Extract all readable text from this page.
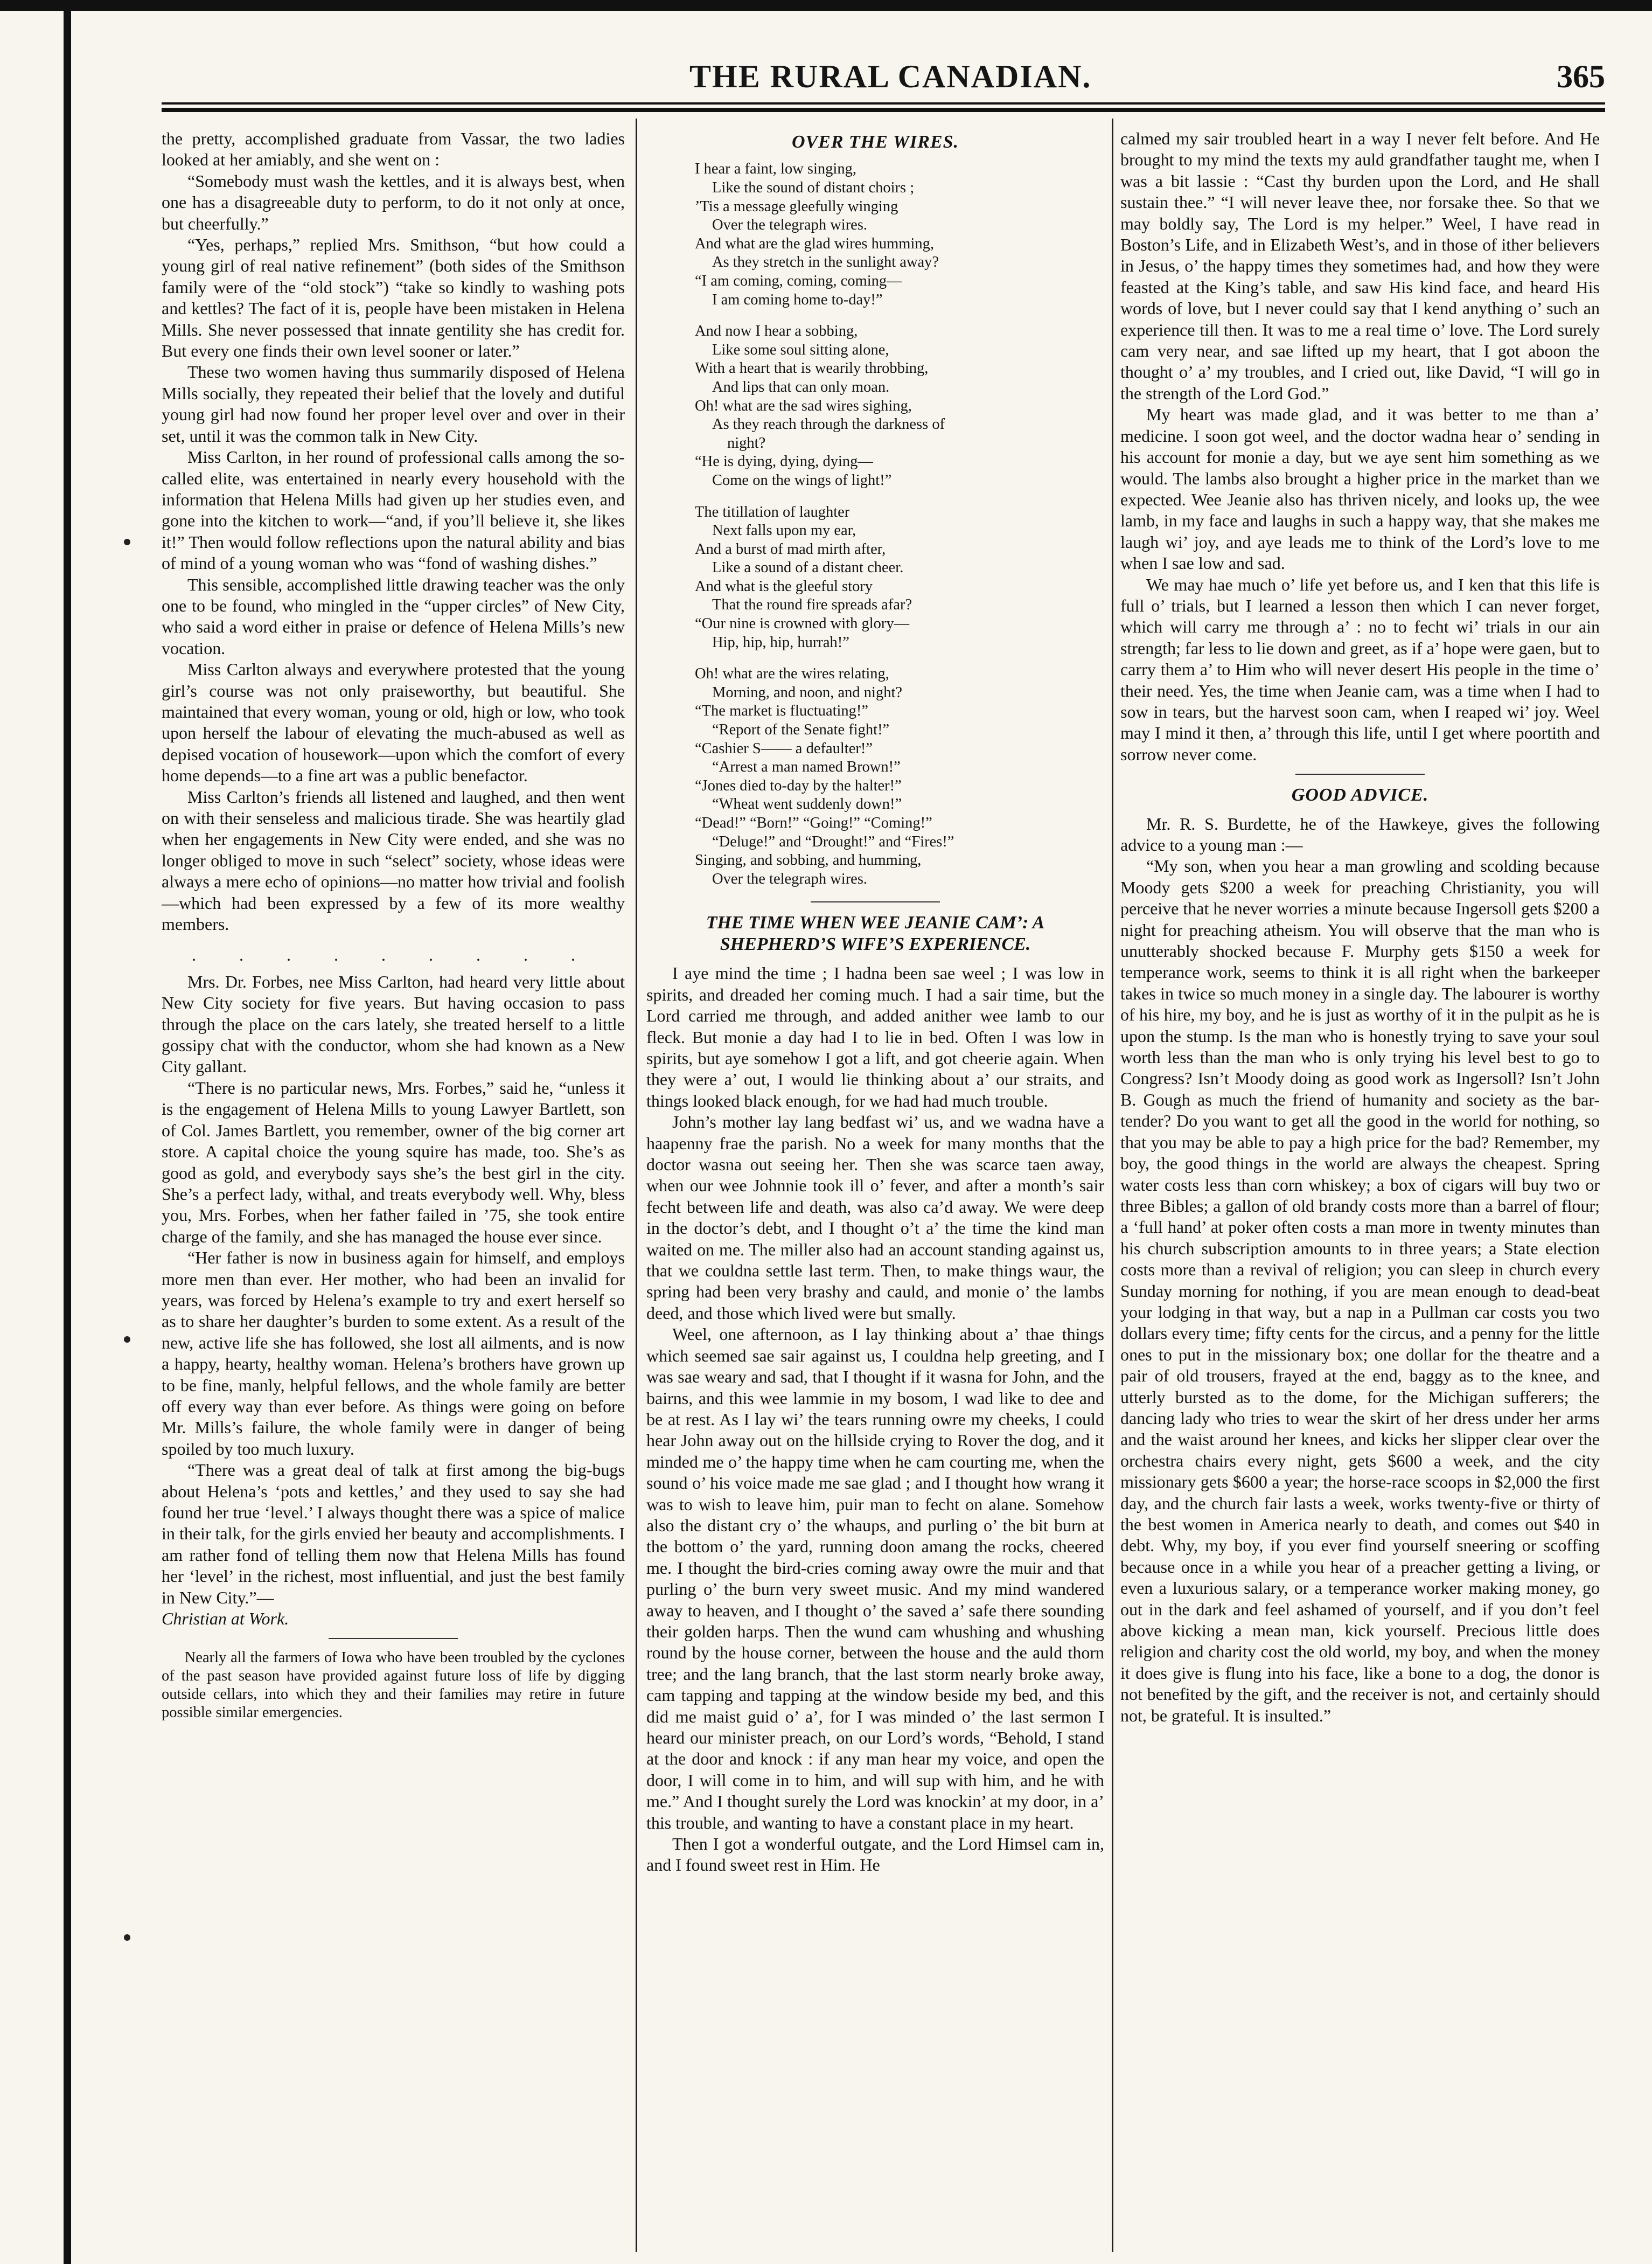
THE RURAL CANADIAN.	365

the pretty, accomplished graduate from Vassar, the two ladies looked at her amiably, and she went on :

“Somebody must wash the kettles, and it is always best, when one has a disagreeable duty to perform, to do it not only at once, but cheerfully.”

“Yes, perhaps,” replied Mrs. Smithson, “but how could a young girl of real native refinement” (both sides of the Smithson family were of the “old stock”) “take so kindly to washing pots and kettles? The fact of it is, people have been mistaken in Helena Mills. She never possessed that innate gentility she has credit for. But every one finds their own level sooner or later.”

These two women having thus summarily disposed of Helena Mills socially, they repeated their belief that the lovely and dutiful young girl had now found her proper level over and over in their set, until it was the common talk in New City.

Miss Carlton, in her round of professional calls among the so-called elite, was entertained in nearly every household with the information that Helena Mills had given up her studies even, and gone into the kitchen to work—“and, if you’ll believe it, she likes it!” Then would follow reflections upon the natural ability and bias of mind of a young woman who was “fond of washing dishes.”

This sensible, accomplished little drawing teacher was the only one to be found, who mingled in the “upper circles” of New City, who said a word either in praise or defence of Helena Mills’s new vocation.

Miss Carlton always and everywhere protested that the young girl’s course was not only praiseworthy, but beautiful. She maintained that every woman, young or old, high or low, who took upon herself the labour of elevating the much-abused as well as depised vocation of housework—upon which the comfort of every home depends—to a fine art was a public benefactor.

Miss Carlton’s friends all listened and laughed, and then went on with their senseless and malicious tirade. She was heartily glad when her engagements in New City were ended, and she was no longer obliged to move in such “select” society, whose ideas were always a mere echo of opinions—no matter how trivial and foolish—which had been expressed by a few of its more wealthy members.

. . . . . . . . .

Mrs. Dr. Forbes, nee Miss Carlton, had heard very little about New City society for five years. But having occasion to pass through the place on the cars lately, she treated herself to a little gossipy chat with the conductor, whom she had known as a New City gallant.

“There is no particular news, Mrs. Forbes,” said he, “unless it is the engagement of Helena Mills to young Lawyer Bartlett, son of Col. James Bartlett, you remember, owner of the big corner art store. A capital choice the young squire has made, too. She’s as good as gold, and everybody says she’s the best girl in the city. She’s a perfect lady, withal, and treats everybody well. Why, bless you, Mrs. Forbes, when her father failed in ’75, she took entire charge of the family, and she has managed the house ever since.

“Her father is now in business again for himself, and employs more men than ever. Her mother, who had been an invalid for years, was forced by Helena’s example to try and exert herself so as to share her daughter’s burden to some extent. As a result of the new, active life she has followed, she lost all ailments, and is now a happy, hearty, healthy woman. Helena’s brothers have grown up to be fine, manly, helpful fellows, and the whole family are better off every way than ever before. As things were going on before Mr. Mills’s failure, the whole family were in danger of being spoiled by too much luxury.

“There was a great deal of talk at first among the big-bugs about Helena’s ‘pots and kettles,’ and they used to say she had found her true ‘level.’ I always thought there was a spice of malice in their talk, for the girls envied her beauty and accomplishments. I am rather fond of telling them now that Helena Mills has found her ‘level’ in the richest, most influential, and just the best family in New City.”—

Christian at Work.

Nearly all the farmers of Iowa who have been troubled by the cyclones of the past season have provided against future loss of life by digging outside cellars, into which they and their families may retire in future possible similar emergencies.

OVER THE WIRES.
I hear a faint, low singing,
Like the sound of distant choirs ;
’Tis a message gleefully winging
Over the telegraph wires.
And what are the glad wires humming,
As they stretch in the sunlight away?
“I am coming, coming, coming—
I am coming home to-day!”
And now I hear a sobbing,
Like some soul sitting alone,
With a heart that is wearily throbbing,
And lips that can only moan.
Oh! what are the sad wires sighing,
As they reach through the darkness of
night?
“He is dying, dying, dying—
Come on the wings of light!”
The titillation of laughter
Next falls upon my ear,
And a burst of mad mirth after,
Like a sound of a distant cheer.
And what is the gleeful story
That the round fire spreads afar?
“Our nine is crowned with glory—
Hip, hip, hip, hurrah!”
Oh! what are the wires relating,
Morning, and noon, and night?
“The market is fluctuating!”
“Report of the Senate fight!”
“Cashier S—— a defaulter!”
“Arrest a man named Brown!”
“Jones died to-day by the halter!”
“Wheat went suddenly down!”
“Dead!” “Born!” “Going!” “Coming!”
“Deluge!” and “Drought!” and “Fires!”
Singing, and sobbing, and humming,
Over the telegraph wires.
THE TIME WHEN WEE JEANIE CAM’: A SHEPHERD’S WIFE’S EXPERIENCE.

I aye mind the time ; I hadna been sae weel ; I was low in spirits, and dreaded her coming much. I had a sair time, but the Lord carried me through, and added anither wee lamb to our fleck. But monie a day had I to lie in bed. Often I was low in spirits, but aye somehow I got a lift, and got cheerie again. When they were a’ out, I would lie thinking about a’ our straits, and things looked black enough, for we had had much trouble.

John’s mother lay lang bedfast wi’ us, and we wadna have a haapenny frae the parish. No a week for many months that the doctor wasna out seeing her. Then she was scarce taen away, when our wee Johnnie took ill o’ fever, and after a month’s sair fecht between life and death, was also ca’d away. We were deep in the doctor’s debt, and I thought o’t a’ the time the kind man waited on me. The miller also had an account standing against us, that we couldna settle last term. Then, to make things waur, the spring had been very brashy and cauld, and monie o’ the lambs deed, and those which lived were but smally.

Weel, one afternoon, as I lay thinking about a’ thae things which seemed sae sair against us, I couldna help greeting, and I was sae weary and sad, that I thought if it wasna for John, and the bairns, and this wee lammie in my bosom, I wad like to dee and be at rest. As I lay wi’ the tears running owre my cheeks, I could hear John away out on the hillside crying to Rover the dog, and it minded me o’ the happy time when he cam courting me, when the sound o’ his voice made me sae glad ; and I thought how wrang it was to wish to leave him, puir man to fecht on alane. Somehow also the distant cry o’ the whaups, and purling o’ the bit burn at the bottom o’ the yard, running doon amang the rocks, cheered me. I thought the bird-cries coming away owre the muir and that purling o’ the burn very sweet music. And my mind wandered away to heaven, and I thought o’ the saved a’ safe there sounding their golden harps. Then the wund cam whushing and whushing round by the house corner, between the house and the auld thorn tree; and the lang branch, that the last storm nearly broke away, cam tapping and tapping at the window beside my bed, and this did me maist guid o’ a’, for I was minded o’ the last sermon I heard our minister preach, on our Lord’s words, “Behold, I stand at the door and knock : if any man hear my voice, and open the door, I will come in to him, and will sup with him, and he with me.” And I thought surely the Lord was knockin’ at my door, in a’ this trouble, and wanting to have a constant place in my heart.

Then I got a wonderful outgate, and the Lord Himsel cam in, and I found sweet rest in Him. He

calmed my sair troubled heart in a way I never felt before. And He brought to my mind the texts my auld grandfather taught me, when I was a bit lassie : “Cast thy burden upon the Lord, and He shall sustain thee.” “I will never leave thee, nor forsake thee. So that we may boldly say, The Lord is my helper.” Weel, I have read in Boston’s Life, and in Elizabeth West’s, and in those of ither believers in Jesus, o’ the happy times they sometimes had, and how they were feasted at the King’s table, and saw His kind face, and heard His words of love, but I never could say that I kend anything o’ such an experience till then. It was to me a real time o’ love. The Lord surely cam very near, and sae lifted up my heart, that I got aboon the thought o’ a’ my troubles, and I cried out, like David, “I will go in the strength of the Lord God.”

My heart was made glad, and it was better to me than a’ medicine. I soon got weel, and the doctor wadna hear o’ sending in his account for monie a day, but we aye sent him something as we would. The lambs also brought a higher price in the market than we expected. Wee Jeanie also has thriven nicely, and looks up, the wee lamb, in my face and laughs in such a happy way, that she makes me laugh wi’ joy, and aye leads me to think of the Lord’s love to me when I sae low and sad.

We may hae much o’ life yet before us, and I ken that this life is full o’ trials, but I learned a lesson then which I can never forget, which will carry me through a’ : no to fecht wi’ trials in our ain strength; far less to lie down and greet, as if a’ hope were gaen, but to carry them a’ to Him who will never desert His people in the time o’ their need. Yes, the time when Jeanie cam, was a time when I had to sow in tears, but the harvest soon cam, when I reaped wi’ joy. Weel may I mind it then, a’ through this life, until I get where poortith and sorrow never come.

GOOD ADVICE.

Mr. R. S. Burdette, he of the Hawkeye, gives the following advice to a young man :—

“My son, when you hear a man growling and scolding because Moody gets $200 a week for preaching Christianity, you will perceive that he never worries a minute because Ingersoll gets $200 a night for preaching atheism. You will observe that the man who is unutterably shocked because F. Murphy gets $150 a week for temperance work, seems to think it is all right when the barkeeper takes in twice so much money in a single day. The labourer is worthy of his hire, my boy, and he is just as worthy of it in the pulpit as he is upon the stump. Is the man who is honestly trying to save your soul worth less than the man who is only trying his level best to go to Congress? Isn’t Moody doing as good work as Ingersoll? Isn’t John B. Gough as much the friend of humanity and society as the bar-tender? Do you want to get all the good in the world for nothing, so that you may be able to pay a high price for the bad? Remember, my boy, the good things in the world are always the cheapest. Spring water costs less than corn whiskey; a box of cigars will buy two or three Bibles; a gallon of old brandy costs more than a barrel of flour; a ‘full hand’ at poker often costs a man more in twenty minutes than his church subscription amounts to in three years; a State election costs more than a revival of religion; you can sleep in church every Sunday morning for nothing, if you are mean enough to dead-beat your lodging in that way, but a nap in a Pullman car costs you two dollars every time; fifty cents for the circus, and a penny for the little ones to put in the missionary box; one dollar for the theatre and a pair of old trousers, frayed at the end, baggy as to the knee, and utterly bursted as to the dome, for the Michigan sufferers; the dancing lady who tries to wear the skirt of her dress under her arms and the waist around her knees, and kicks her slipper clear over the orchestra chairs every night, gets $600 a week, and the city missionary gets $600 a year; the horse-race scoops in $2,000 the first day, and the church fair lasts a week, works twenty-five or thirty of the best women in America nearly to death, and comes out $40 in debt. Why, my boy, if you ever find yourself sneering or scoffing because once in a while you hear of a preacher getting a living, or even a luxurious salary, or a temperance worker making money, go out in the dark and feel ashamed of yourself, and if you don’t feel above kicking a mean man, kick yourself. Precious little does religion and charity cost the old world, my boy, and when the money it does give is flung into his face, like a bone to a dog, the donor is not benefited by the gift, and the receiver is not, and certainly should not, be grateful. It is insulted.”
